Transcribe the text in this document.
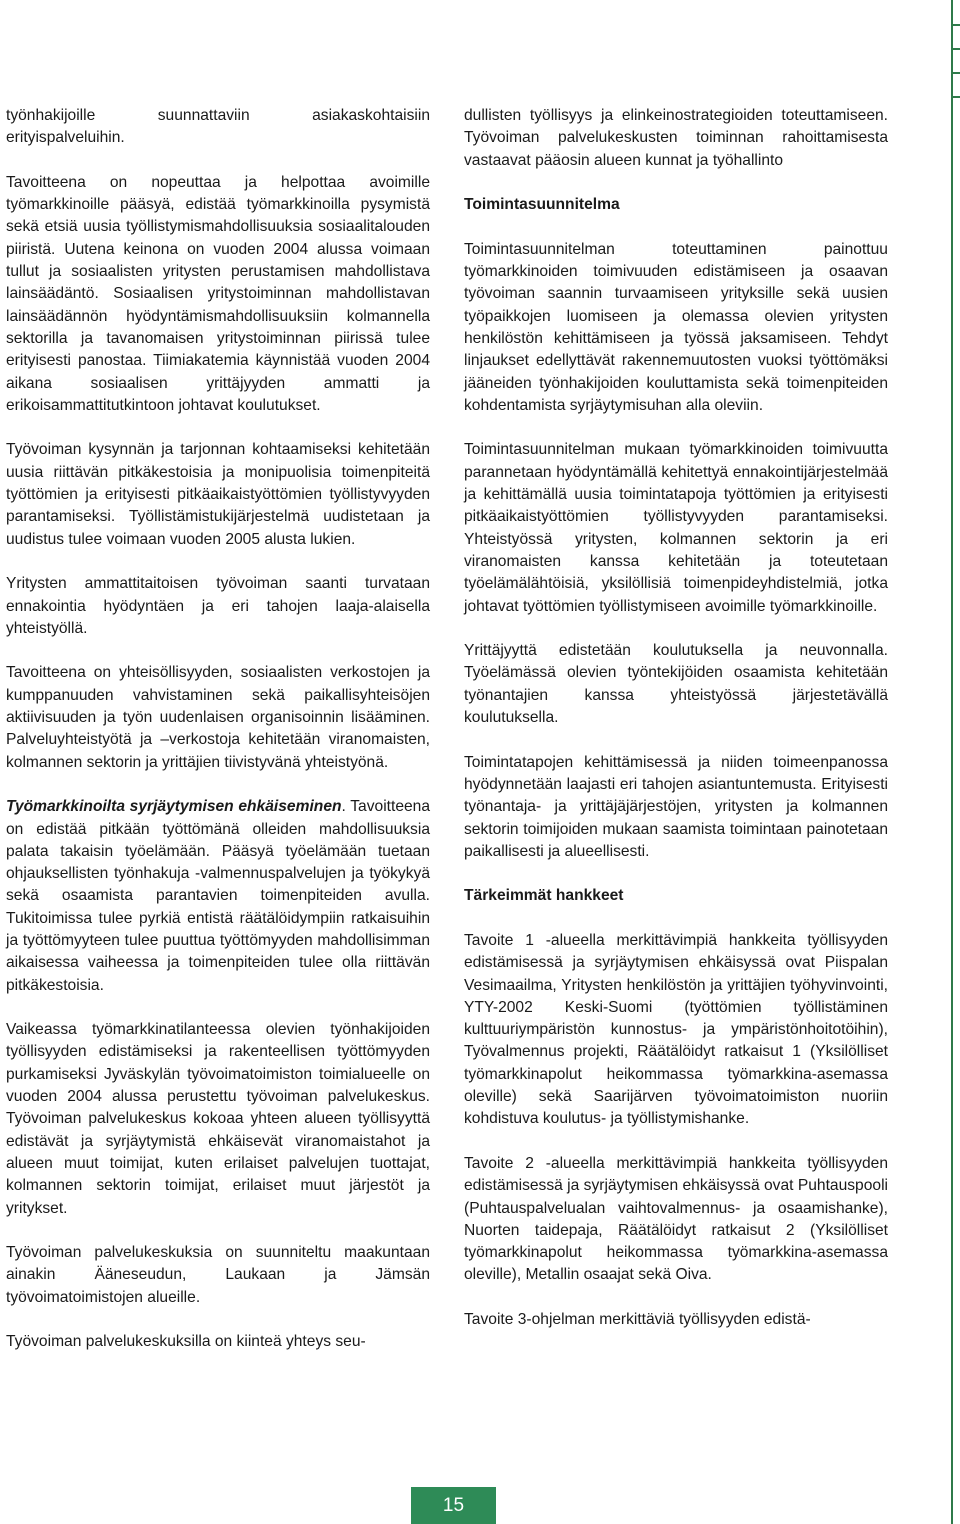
työnhakijoille suunnattaviin asiakaskohtaisiin erityispalveluihin.

Tavoitteena on nopeuttaa ja helpottaa avoimille työmarkkinoille pääsyä, edistää työmarkkinoilla pysymistä sekä etsiä uusia työllistymismahdollisuuksia sosiaalitalouden piiristä. Uutena keinona on vuoden 2004 alussa voimaan tullut ja sosiaalisten yritysten perustamisen mahdollistava lainsäädäntö. Sosiaalisen yritystoiminnan mahdollistavan lainsäädännön hyödyntämismahdollisuuksiin kolmannella sektorilla ja tavanomaisen yritystoiminnan piirissä tulee erityisesti panostaa. Tiimiakatemia käynnistää vuoden 2004 aikana sosiaalisen yrittäjyyden ammatti ja erikoisammattitutkintoon johtavat koulutukset.

Työvoiman kysynnän ja tarjonnan kohtaamiseksi kehitetään uusia riittävän pitkäkestoisia ja monipuolisia toimenpiteitä työttömien ja erityisesti pitkäaikaistyöttömien työllistyvyyden parantamiseksi. Työllistämistukijärjestelmä uudistetaan ja uudistus tulee voimaan vuoden 2005 alusta lukien.

Yritysten ammattitaitoisen työvoiman saanti turvataan ennakointia hyödyntäen ja eri tahojen laaja-alaisella yhteistyöllä.

Tavoitteena on yhteisöllisyyden, sosiaalisten verkostojen ja kumppanuuden vahvistaminen sekä paikallisyhteisöjen aktiivisuuden ja työn uudenlaisen organisoinnin lisääminen. Palveluyhteistyötä ja –verkostoja kehitetään viranomaisten, kolmannen sektorin ja yrittäjien tiivistyvänä yhteistyönä.

Työmarkkinoilta syrjäytymisen ehkäiseminen. Tavoitteena on edistää pitkään työttömänä olleiden mahdollisuuksia palata takaisin työelämään. Pääsyä työelämään tuetaan ohjauksellisten työnhakuja -valmennuspalvelujen ja työkykyä sekä osaamista parantavien toimenpiteiden avulla. Tukitoimissa tulee pyrkiä entistä räätälöidympiin ratkaisuihin ja työttömyyteen tulee puuttua työttömyyden mahdollisimman aikaisessa vaiheessa ja toimenpiteiden tulee olla riittävän pitkäkestoisia.

Vaikeassa työmarkkinatilanteessa olevien työnhakijoiden työllisyyden edistämiseksi ja rakenteellisen työttömyyden purkamiseksi Jyväskylän työvoimatoimiston toimialueelle on vuoden 2004 alussa perustettu työvoiman palvelukeskus. Työvoiman palvelukeskus kokoaa yhteen alueen työllisyyttä edistävät ja syrjäytymistä ehkäisevät viranomaistahot ja alueen muut toimijat, kuten erilaiset palvelujen tuottajat, kolmannen sektorin toimijat, erilaiset muut järjestöt ja yritykset.

Työvoiman palvelukeskuksia on suunniteltu maakuntaan ainakin Ääneseudun, Laukaan ja Jämsän työvoimatoimistojen alueille.

Työvoiman palvelukeskuksilla on kiinteä yhteys seu-

dullisten työllisyys ja elinkeinostrategioiden toteuttamiseen. Työvoiman palvelukeskusten toiminnan rahoittamisesta vastaavat pääosin alueen kunnat ja työhallinto

Toimintasuunnitelma

Toimintasuunnitelman toteuttaminen painottuu työmarkkinoiden toimivuuden edistämiseen ja osaavan työvoiman saannin turvaamiseen yrityksille sekä uusien työpaikkojen luomiseen ja olemassa olevien yritysten henkilöstön kehittämiseen ja työssä jaksamiseen. Tehdyt linjaukset edellyttävät rakennemuutosten vuoksi työttömäksi jääneiden työnhakijoiden kouluttamista sekä toimenpiteiden kohdentamista syrjäytymisuhan alla oleviin.

Toimintasuunnitelman mukaan työmarkkinoiden toimivuutta parannetaan hyödyntämällä kehitettyä ennakointijärjestelmää ja kehittämällä uusia toimintatapoja työttömien ja erityisesti pitkäaikaistyöttömien työllistyvyyden parantamiseksi. Yhteistyössä yritysten, kolmannen sektorin ja eri viranomaisten kanssa kehitetään ja toteutetaan työelämälähtöisiä, yksilöllisiä toimenpideyhdistelmiä, jotka johtavat työttömien työllistymiseen avoimille työmarkkinoille.

Yrittäjyyttä edistetään koulutuksella ja neuvonnalla. Työelämässä olevien työntekijöiden osaamista kehitetään työnantajien kanssa yhteistyössä järjestetävällä koulutuksella.

Toimintatapojen kehittämisessä ja niiden toimeenpanossa hyödynnetään laajasti eri tahojen asiantuntemusta. Erityisesti työnantaja- ja yrittäjäjärjestöjen, yritysten ja kolmannen sektorin toimijoiden mukaan saamista toimintaan painotetaan paikallisesti ja alueellisesti.

Tärkeimmät hankkeet

Tavoite 1 -alueella merkittävimpiä hankkeita työllisyyden edistämisessä ja syrjäytymisen ehkäisyssä ovat Piispalan Vesimaailma, Yritysten henkilöstön ja yrittäjien työhyvinvointi, YTY-2002 Keski-Suomi (työttömien työllistäminen kulttuuriympäristön kunnostus- ja ympäristönhoitotöihin), Työvalmennus projekti, Räätälöidyt ratkaisut 1 (Yksilölliset työmarkkinapolut heikommassa työmarkkina-asemassa oleville) sekä Saarijärven työvoimatoimiston nuoriin kohdistuva koulutus- ja työllistymishanke.

Tavoite 2 -alueella merkittävimpiä hankkeita työllisyyden edistämisessä ja syrjäytymisen ehkäisyssä ovat Puhtauspooli (Puhtauspalvelualan vaihtovalmennus- ja osaamishanke), Nuorten taidepaja, Räätälöidyt ratkaisut 2 (Yksilölliset työmarkkinapolut heikommassa työmarkkina-asemassa oleville), Metallin osaajat sekä Oiva.

Tavoite 3-ohjelman merkittäviä työllisyyden edistä-

15
